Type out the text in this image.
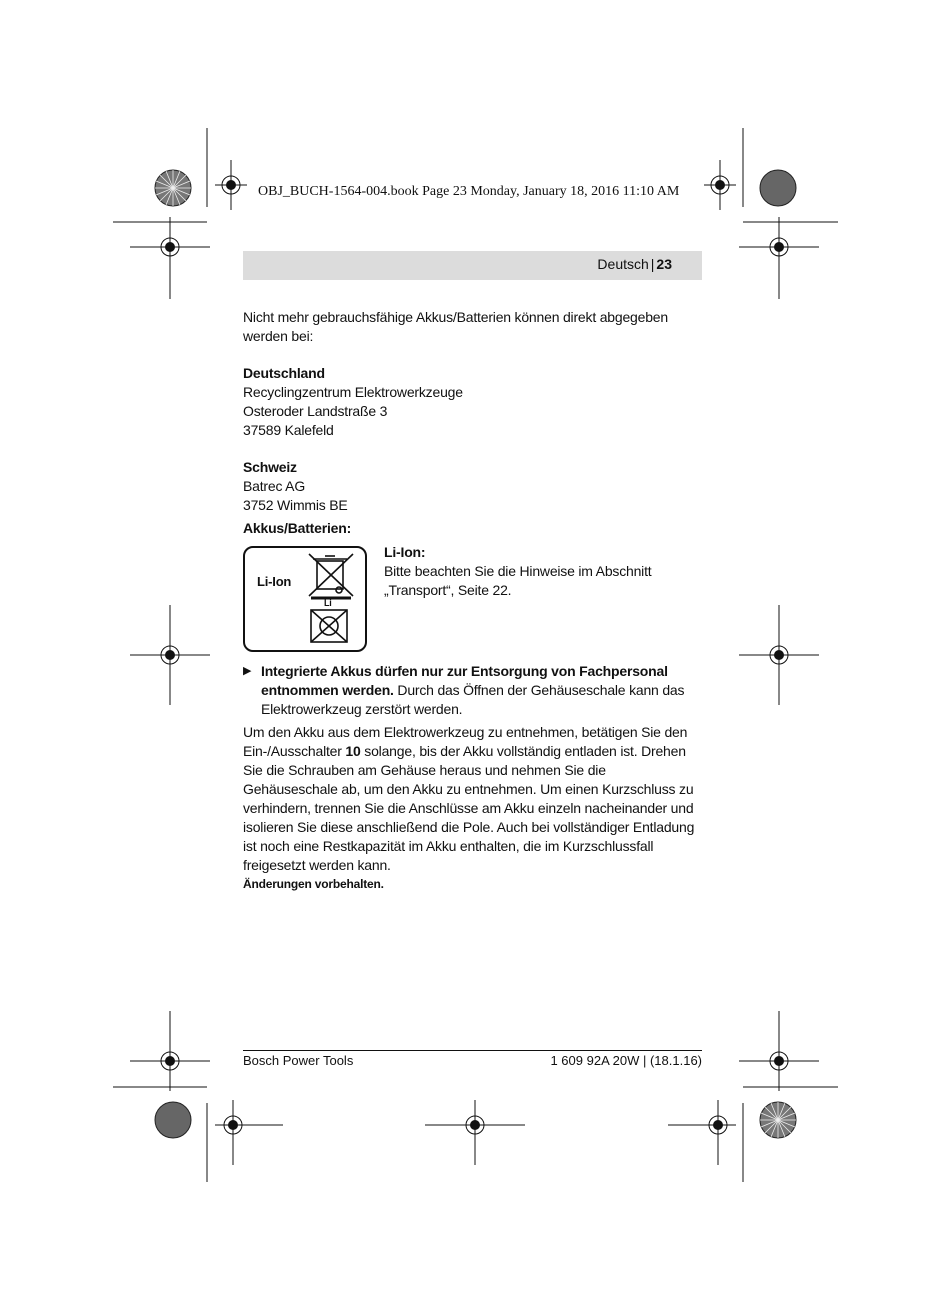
OBJ_BUCH-1564-004.book Page 23 Monday, January 18, 2016 11:10 AM
Deutsch | 23

Nicht mehr gebrauchsfähige Akkus/Batterien können direkt abgegeben werden bei:

Deutschland

Recyclingzentrum Elektrowerkzeuge

Osteroder Landstraße 3

37589 Kalefeld

Schweiz

Batrec AG

3752 Wimmis BE

Akkus/Batterien:

Li-Ion
Li

Li-Ion:

Bitte beachten Sie die Hinweise im Abschnitt „Transport“, Seite 22.

▶ Integrierte Akkus dürfen nur zur Entsorgung von Fachpersonal entnommen werden. Durch das Öffnen der Gehäuseschale kann das Elektrowerkzeug zerstört werden.

Um den Akku aus dem Elektrowerkzeug zu entnehmen, betätigen Sie den Ein-/Ausschalter 10 solange, bis der Akku vollständig entladen ist. Drehen Sie die Schrauben am Gehäuse heraus und nehmen Sie die Gehäuseschale ab, um den Akku zu entnehmen. Um einen Kurzschluss zu verhindern, trennen Sie die Anschlüsse am Akku einzeln nacheinander und isolieren Sie diese anschließend die Pole. Auch bei vollständiger Entladung ist noch eine Restkapazität im Akku enthalten, die im Kurzschlussfall freigesetzt werden kann.

Änderungen vorbehalten.

Bosch Power Tools	1 609 92A 20W | (18.1.16)
